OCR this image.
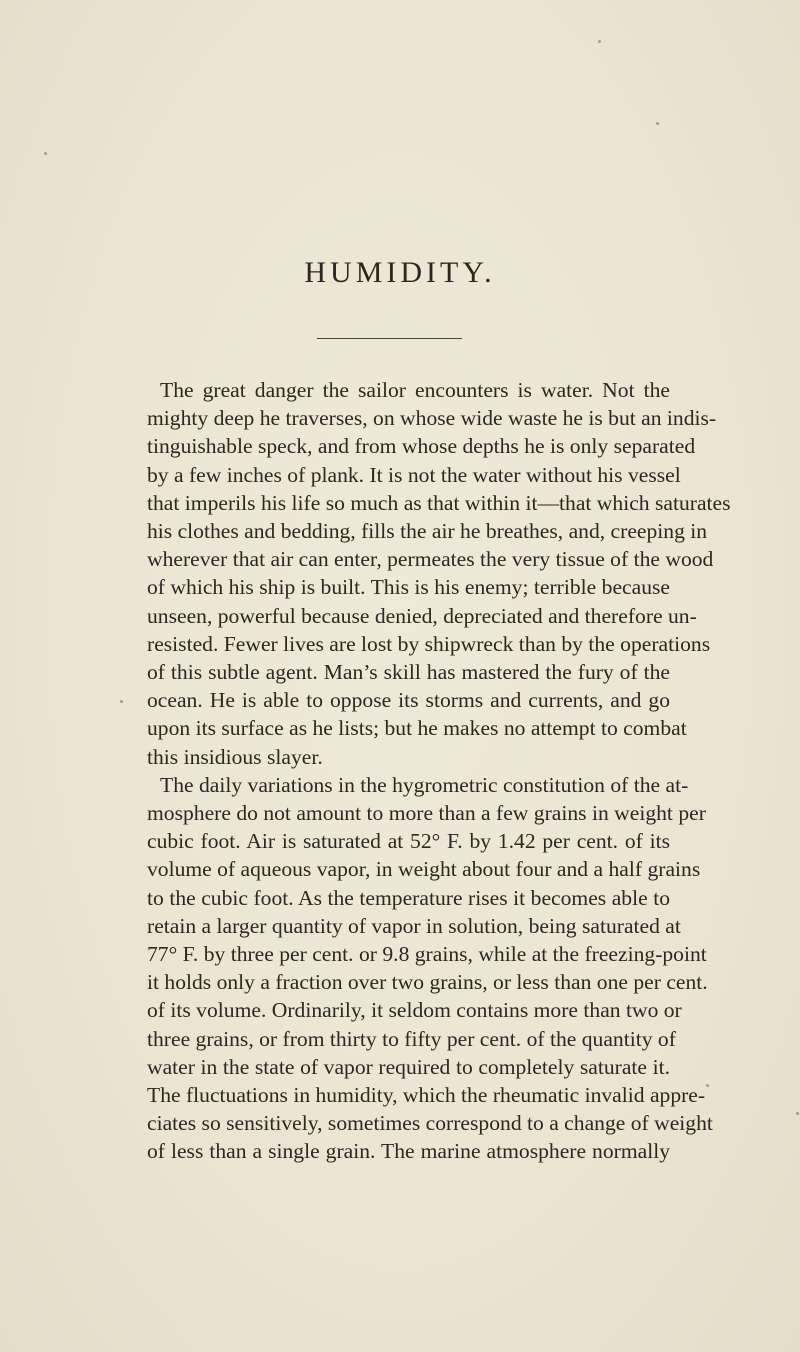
HUMIDITY.

The great danger the sailor encounters is water. Not the
mighty deep he traverses, on whose wide waste he is but an indis-
tinguishable speck, and from whose depths he is only separated
by a few inches of plank. It is not the water without his vessel
that imperils his life so much as that within it—that which saturates
his clothes and bedding, fills the air he breathes, and, creeping in
wherever that air can enter, permeates the very tissue of the wood
of which his ship is built. This is his enemy; terrible because
unseen, powerful because denied, depreciated and therefore un-
resisted. Fewer lives are lost by shipwreck than by the operations
of this subtle agent. Man’s skill has mastered the fury of the
ocean. He is able to oppose its storms and currents, and go
upon its surface as he lists; but he makes no attempt to combat
this insidious slayer.

The daily variations in the hygrometric constitution of the at-
mosphere do not amount to more than a few grains in weight per
cubic foot. Air is saturated at 52° F. by 1.42 per cent. of its
volume of aqueous vapor, in weight about four and a half grains
to the cubic foot. As the temperature rises it becomes able to
retain a larger quantity of vapor in solution, being saturated at
77° F. by three per cent. or 9.8 grains, while at the freezing-point
it holds only a fraction over two grains, or less than one per cent.
of its volume. Ordinarily, it seldom contains more than two or
three grains, or from thirty to fifty per cent. of the quantity of
water in the state of vapor required to completely saturate it.
The fluctuations in humidity, which the rheumatic invalid appre-
ciates so sensitively, sometimes correspond to a change of weight
of less than a single grain. The marine atmosphere normally
